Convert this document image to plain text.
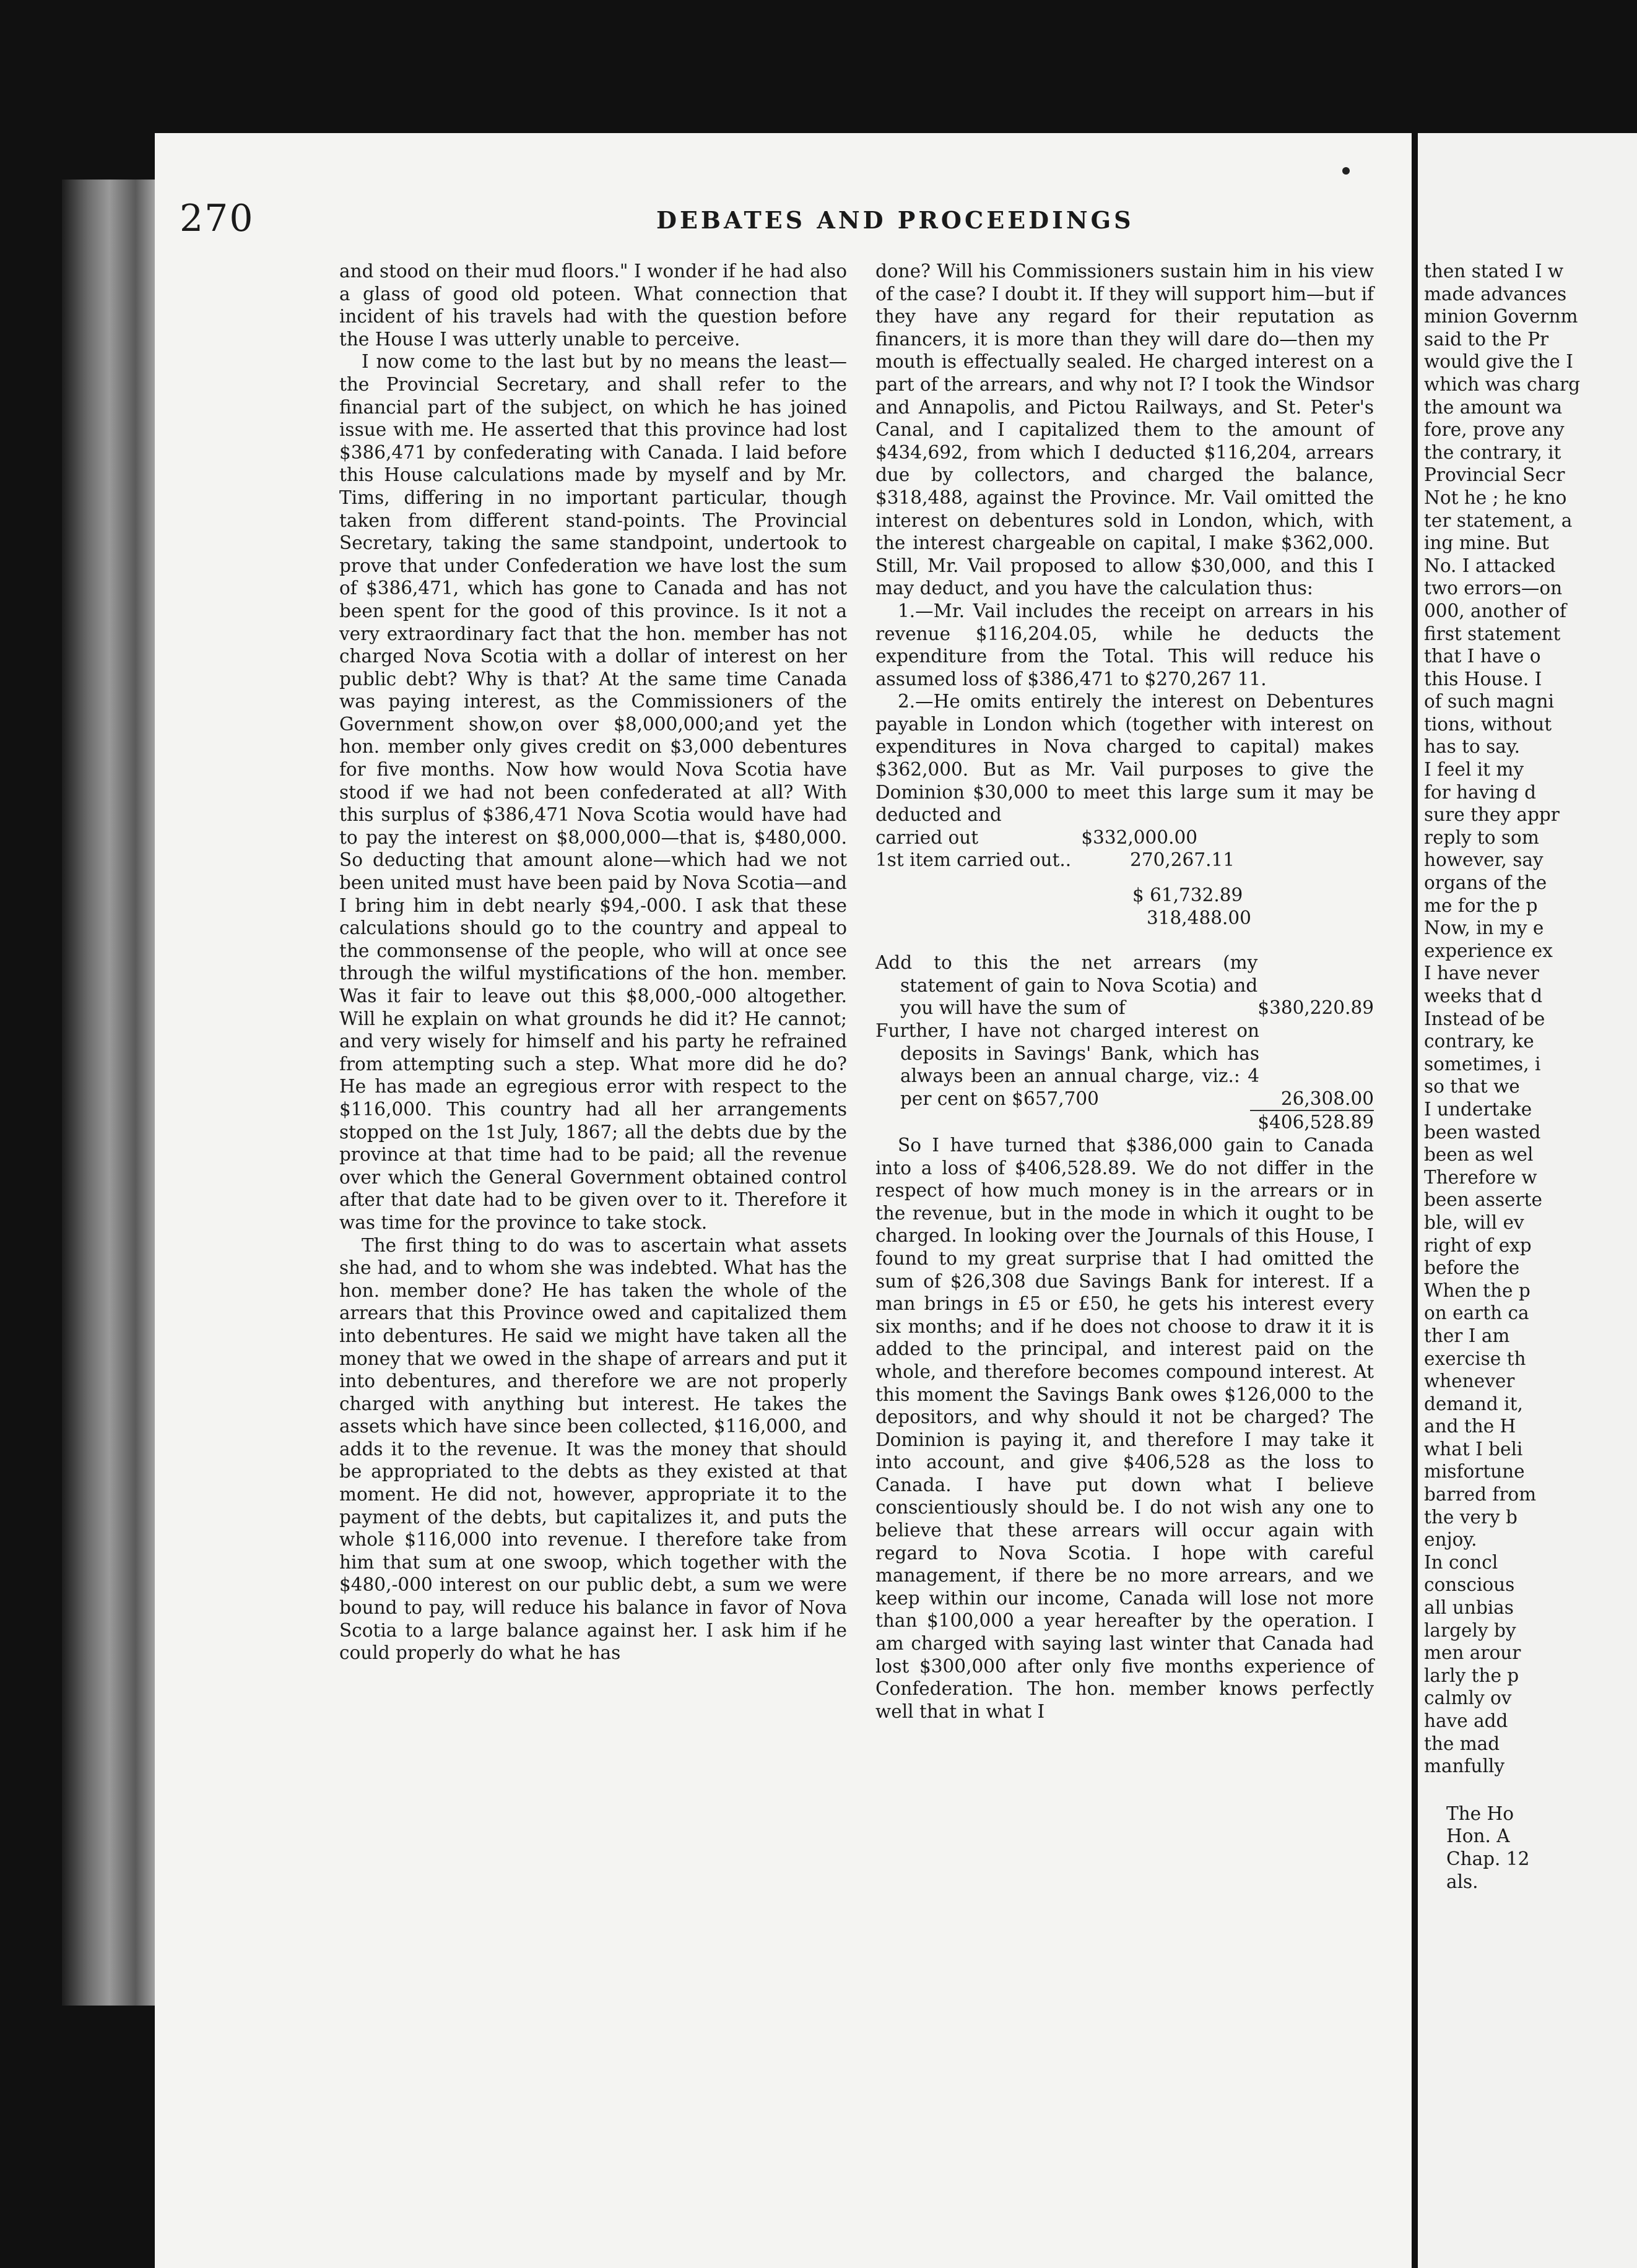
then stated I w

made advances

minion Governm

said to the Pr

would give the I

which was charg

the amount wa

fore, prove any

the contrary, it

Provincial Secr

Not he ; he kno

ter statement, a

ing mine. But

No. I attacked

two errors—on

000, another of

first statement

that I have o

this House. I

of such magni

tions, without

has to say.

I feel it my

for having d

sure they appr

reply to som

however, say

organs of the

me for the p

Now, in my e

experience ex

I have never

weeks that d

Instead of be

contrary, ke

sometimes, i

so that we

I undertake

been wasted

been as wel

Therefore w

been asserte

ble, will ev

right of exp

before the

When the p

on earth ca

ther I am

exercise th

whenever

demand it,

and the H

what I beli

misfortune

barred from

the very b

enjoy.

In concl

conscious

all unbias

largely by

men arour

larly the p

calmly ov

have add

the mad

manfully

The Ho

Hon. A

Chap. 12

als.

270	DEBATES AND PROCEEDINGS

and stood on their mud floors." I wonder if he had also a glass of good old poteen. What connection that incident of his travels had with the question before the House I was utterly unable to perceive.

I now come to the last but by no means the least—the Provincial Secretary, and shall refer to the financial part of the subject, on which he has joined issue with me. He asserted that this province had lost $386,471 by confederating with Canada. I laid before this House calculations made by myself and by Mr. Tims, differing in no important particular, though taken from different stand-points. The Provincial Secretary, taking the same standpoint, undertook to prove that under Confederation we have lost the sum of $386,471, which has gone to Canada and has not been spent for the good of this province. Is it not a very extraordinary fact that the hon. member has not charged Nova Scotia with a dollar of interest on her public debt? Why is that? At the same time Canada was paying interest, as the Commissioners of the Government show,on over $8,000,000;and yet the hon. member only gives credit on $3,000 debentures for five months. Now how would Nova Scotia have stood if we had not been confederated at all? With this surplus of $386,471 Nova Scotia would have had to pay the interest on $8,000,000—that is, $480,000. So deducting that amount alone—which had we not been united must have been paid by Nova Scotia—and I bring him in debt nearly $94,-000. I ask that these calculations should go to the country and appeal to the commonsense of the people, who will at once see through the wilful mystifications of the hon. member. Was it fair to leave out this $8,000,-000 altogether. Will he explain on what grounds he did it? He cannot; and very wisely for himself and his party he refrained from attempting such a step. What more did he do? He has made an egregious error with respect to the $116,000. This country had all her arrangements stopped on the 1st July, 1867; all the debts due by the province at that time had to be paid; all the revenue over which the General Government obtained control after that date had to be given over to it. Therefore it was time for the province to take stock.

The first thing to do was to ascertain what assets she had, and to whom she was indebted. What has the hon. member done? He has taken the whole of the arrears that this Province owed and capitalized them into debentures. He said we might have taken all the money that we owed in the shape of arrears and put it into debentures, and therefore we are not properly charged with anything but interest. He takes the assets which have since been collected, $116,000, and adds it to the revenue. It was the money that should be appropriated to the debts as they existed at that moment. He did not, however, appropriate it to the payment of the debts, but capitalizes it, and puts the whole $116,000 into revenue. I therefore take from him that sum at one swoop, which together with the $480,-000 interest on our public debt, a sum we were bound to pay, will reduce his balance in favor of Nova Scotia to a large balance against her. I ask him if he could properly do what he has

done? Will his Commissioners sustain him in his view of the case? I doubt it. If they will support him—but if they have any regard for their reputation as financers, it is more than they will dare do—then my mouth is effectually sealed. He charged interest on a part of the arrears, and why not I? I took the Windsor and Annapolis, and Pictou Railways, and St. Peter's Canal, and I capitalized them to the amount of $434,692, from which I deducted $116,204, arrears due by collectors, and charged the balance, $318,488, against the Province. Mr. Vail omitted the interest on debentures sold in London, which, with the interest chargeable on capital, I make $362,000. Still, Mr. Vail proposed to allow $30,000, and this I may deduct, and you have the calculation thus:

1.—Mr. Vail includes the receipt on arrears in his revenue $116,204.05, while he deducts the expenditure from the Total. This will reduce his assumed loss of $386,471 to $270,267 11.

2.—He omits entirely the interest on Debentures payable in London which (together with interest on expenditures in Nova charged to capital) makes $362,000. But as Mr. Vail purposes to give the Dominion $30,000 to meet this large sum it may be deducted and

carried out	$332,000.00
1st item carried out..	270,267.11
$ 61,732.89
318,488.00
Add to this the net arrears (my statement of gain to Nova Scotia) and you will have the sum of	$380,220.89
Further, I have not charged interest on deposits in Savings' Bank, which has always been an annual charge, viz.: 4 per cent on $657,700	26,308.00
$406,528.89

So I have turned that $386,000 gain to Canada into a loss of $406,528.89. We do not differ in the respect of how much money is in the arrears or in the revenue, but in the mode in which it ought to be charged. In looking over the Journals of this House, I found to my great surprise that I had omitted the sum of $26,308 due Savings Bank for interest. If a man brings in £5 or £50, he gets his interest every six months; and if he does not choose to draw it it is added to the principal, and interest paid on the whole, and therefore becomes compound interest. At this moment the Savings Bank owes $126,000 to the depositors, and why should it not be charged? The Dominion is paying it, and therefore I may take it into account, and give $406,528 as the loss to Canada. I have put down what I believe conscientiously should be. I do not wish any one to believe that these arrears will occur again with regard to Nova Scotia. I hope with careful management, if there be no more arrears, and we keep within our income, Canada will lose not more than $100,000 a year hereafter by the operation. I am charged with saying last winter that Canada had lost $300,000 after only five months experience of Confederation. The hon. member knows perfectly well that in what I
